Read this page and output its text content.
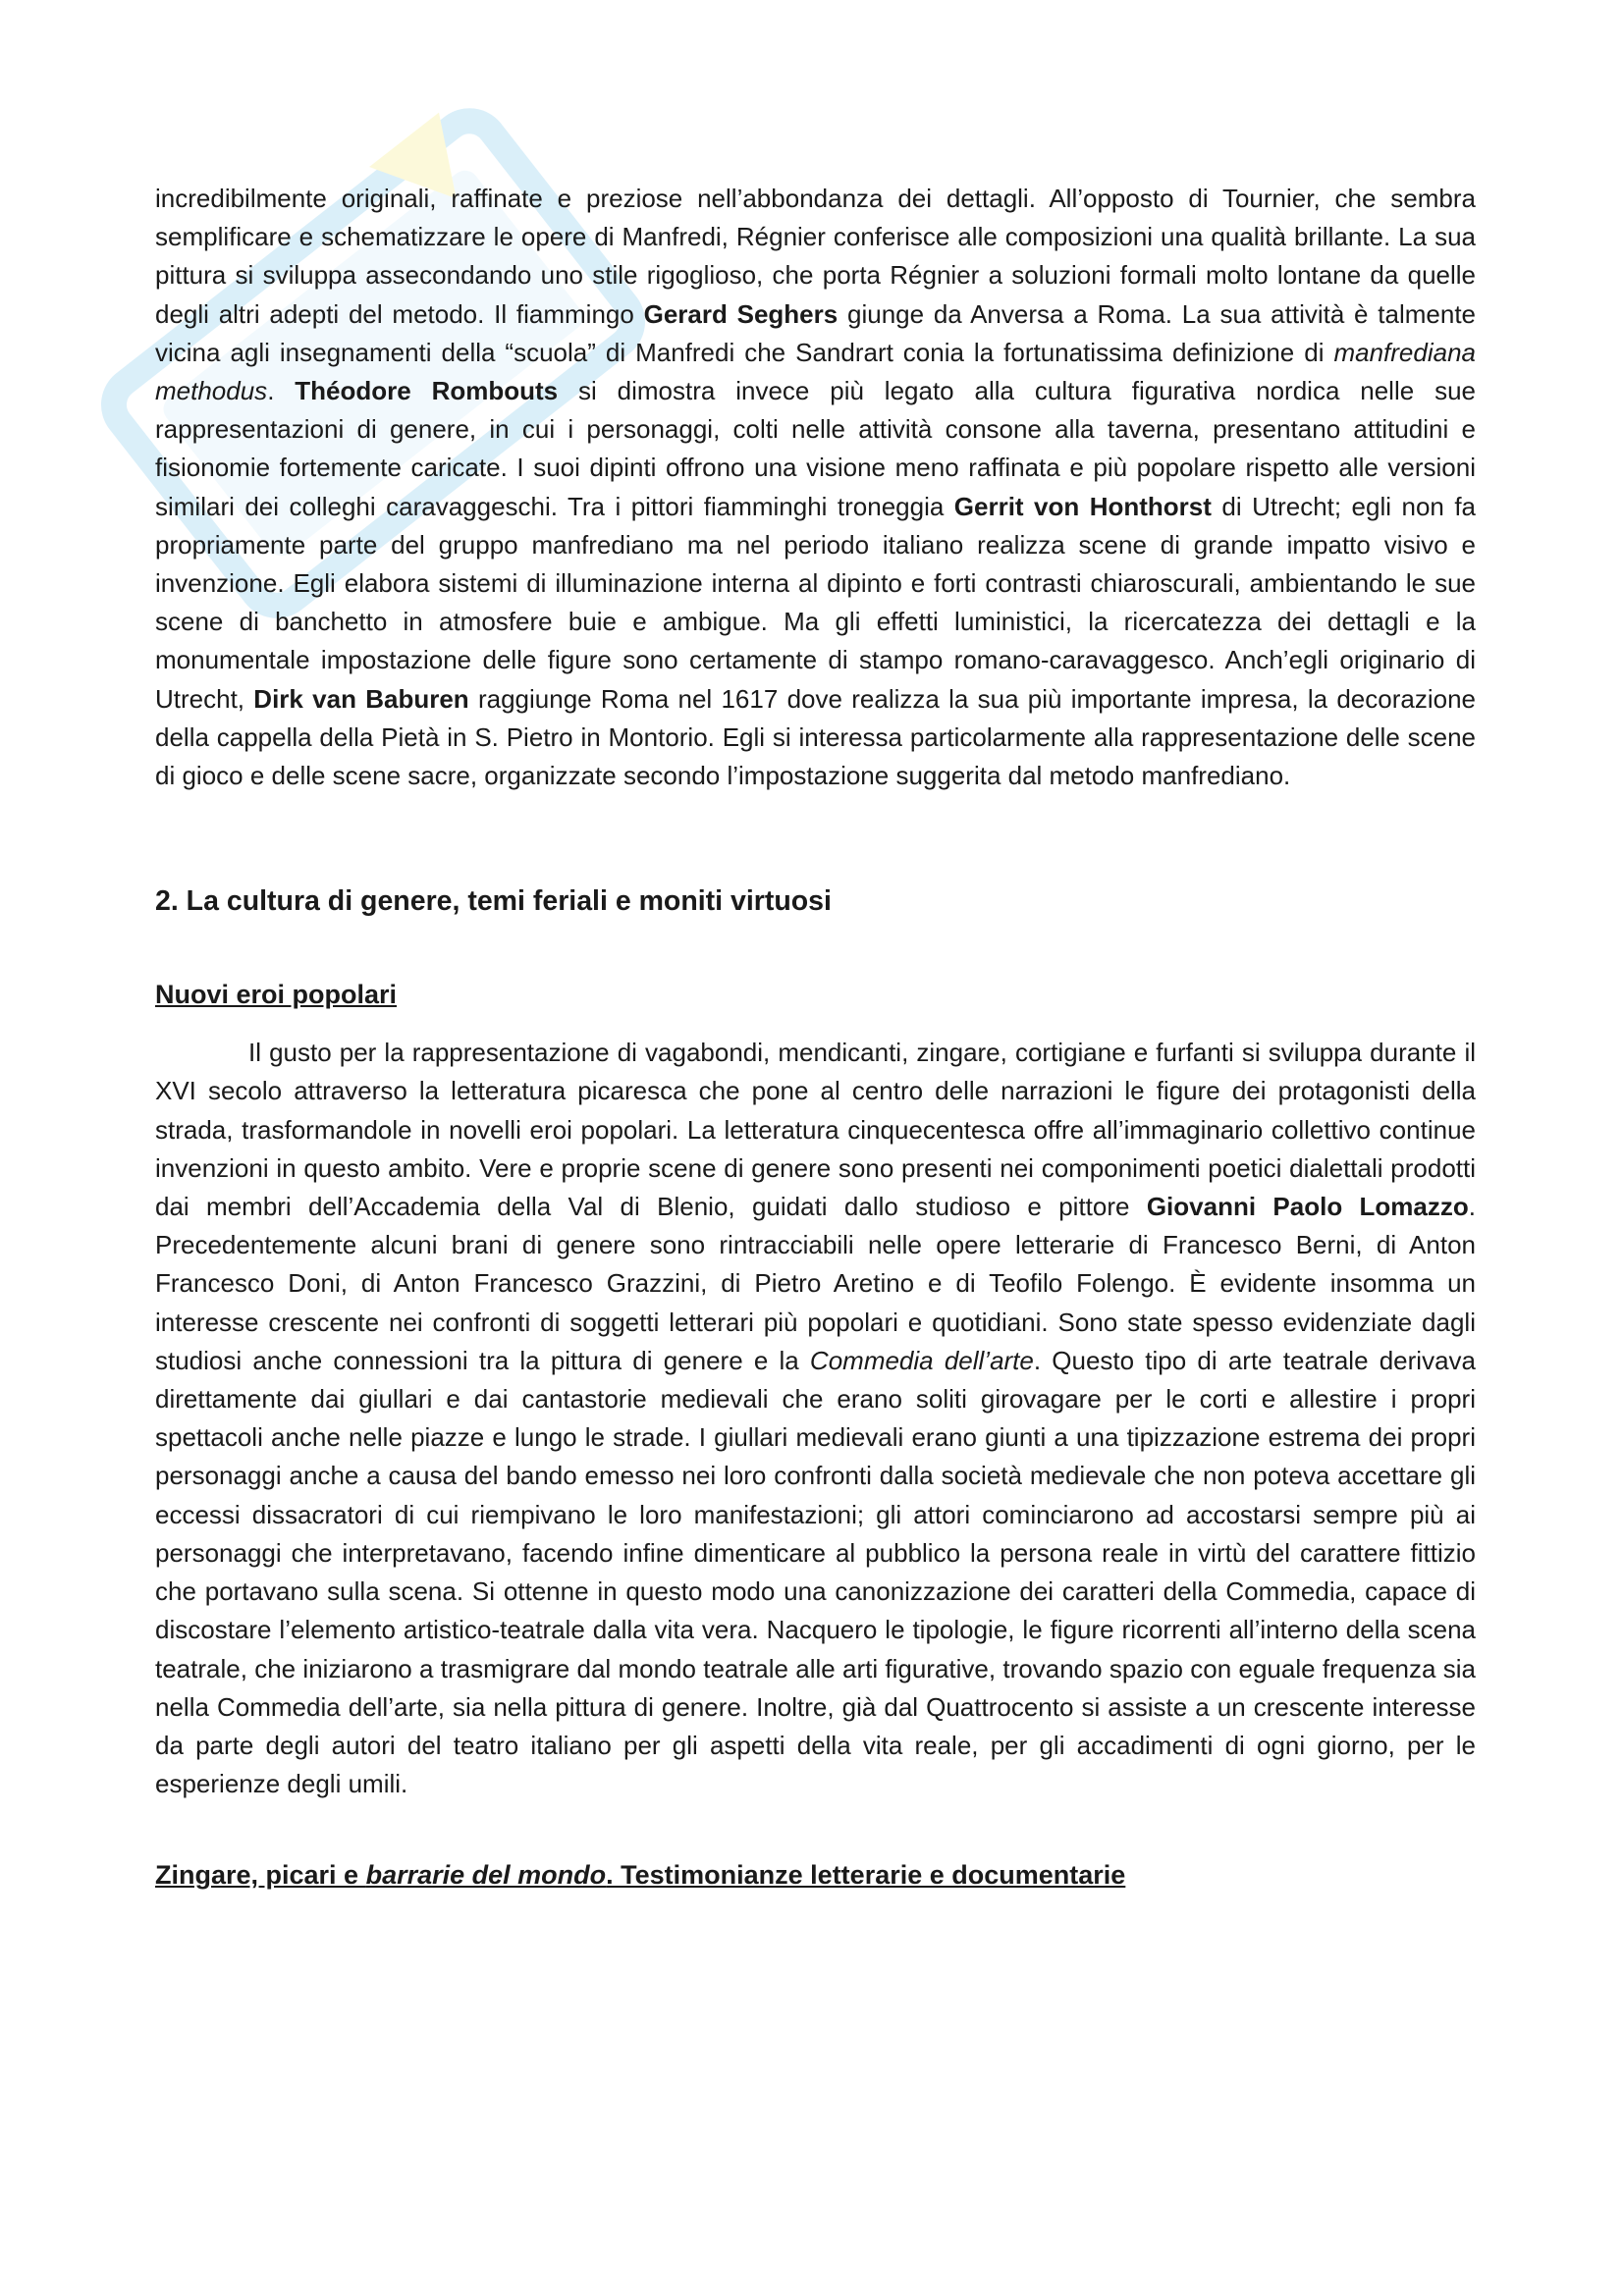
incredibilmente originali, raffinate e preziose nell’abbondanza dei dettagli. All’opposto di Tournier, che sembra semplificare e schematizzare le opere di Manfredi, Régnier conferisce alle composizioni una qualità brillante. La sua pittura si sviluppa assecondando uno stile rigoglioso, che porta Régnier a soluzioni formali molto lontane da quelle degli altri adepti del metodo. Il fiammingo Gerard Seghers giunge da Anversa a Roma. La sua attività è talmente vicina agli insegnamenti della “scuola” di Manfredi che Sandrart conia la fortunatissima definizione di manfrediana methodus. Théodore Rombouts si dimostra invece più legato alla cultura figurativa nordica nelle sue rappresentazioni di genere, in cui i personaggi, colti nelle attività consone alla taverna, presentano attitudini e fisionomie fortemente caricate. I suoi dipinti offrono una visione meno raffinata e più popolare rispetto alle versioni similari dei colleghi caravaggeschi. Tra i pittori fiamminghi troneggia Gerrit von Honthorst di Utrecht; egli non fa propriamente parte del gruppo manfrediano ma nel periodo italiano realizza scene di grande impatto visivo e invenzione. Egli elabora sistemi di illuminazione interna al dipinto e forti contrasti chiaroscurali, ambientando le sue scene di banchetto in atmosfere buie e ambigue. Ma gli effetti luministici, la ricercatezza dei dettagli e la monumentale impostazione delle figure sono certamente di stampo romano-caravaggesco. Anch’egli originario di Utrecht, Dirk van Baburen raggiunge Roma nel 1617 dove realizza la sua più importante impresa, la decorazione della cappella della Pietà in S. Pietro in Montorio. Egli si interessa particolarmente alla rappresentazione delle scene di gioco e delle scene sacre, organizzate secondo l’impostazione suggerita dal metodo manfrediano.

2. La cultura di genere, temi feriali e moniti virtuosi
Nuovi eroi popolari

Il gusto per la rappresentazione di vagabondi, mendicanti, zingare, cortigiane e furfanti si sviluppa durante il XVI secolo attraverso la letteratura picaresca che pone al centro delle narrazioni le figure dei protagonisti della strada, trasformandole in novelli eroi popolari. La letteratura cinquecentesca offre all’immaginario collettivo continue invenzioni in questo ambito. Vere e proprie scene di genere sono presenti nei componimenti poetici dialettali prodotti dai membri dell’Accademia della Val di Blenio, guidati dallo studioso e pittore Giovanni Paolo Lomazzo. Precedentemente alcuni brani di genere sono rintracciabili nelle opere letterarie di Francesco Berni, di Anton Francesco Doni, di Anton Francesco Grazzini, di Pietro Aretino e di Teofilo Folengo. È evidente insomma un interesse crescente nei confronti di soggetti letterari più popolari e quotidiani. Sono state spesso evidenziate dagli studiosi anche connessioni tra la pittura di genere e la Commedia dell’arte. Questo tipo di arte teatrale derivava direttamente dai giullari e dai cantastorie medievali che erano soliti girovagare per le corti e allestire i propri spettacoli anche nelle piazze e lungo le strade. I giullari medievali erano giunti a una tipizzazione estrema dei propri personaggi anche a causa del bando emesso nei loro confronti dalla società medievale che non poteva accettare gli eccessi dissacratori di cui riempivano le loro manifestazioni; gli attori cominciarono ad accostarsi sempre più ai personaggi che interpretavano, facendo infine dimenticare al pubblico la persona reale in virtù del carattere fittizio che portavano sulla scena. Si ottenne in questo modo una canonizzazione dei caratteri della Commedia, capace di discostare l’elemento artistico-teatrale dalla vita vera. Nacquero le tipologie, le figure ricorrenti all’interno della scena teatrale, che iniziarono a trasmigrare dal mondo teatrale alle arti figurative, trovando spazio con eguale frequenza sia nella Commedia dell’arte, sia nella pittura di genere. Inoltre, già dal Quattrocento si assiste a un crescente interesse da parte degli autori del teatro italiano per gli aspetti della vita reale, per gli accadimenti di ogni giorno, per le esperienze degli umili.

Zingare, picari e barrarie del mondo. Testimonianze letterarie e documentarie
